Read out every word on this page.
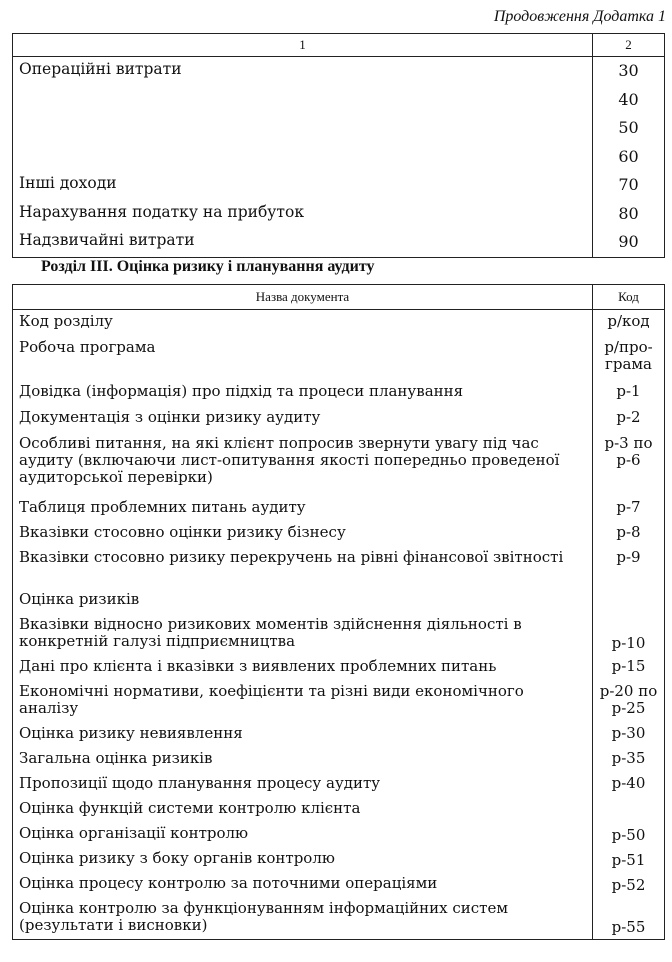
Продовження Додатка 1
1	2
Операційні витрати	30
	40
	50
	60
Інші доходи	70
Нарахування податку на прибуток	80
Надзвичайні витрати	90
Розділ III. Оцінка ризику і планування аудиту
Назва документа	Код
Код розділу	р/код
Робоча програма	р/про-грама
Довідка (інформація) про підхід та процеси планування	р-1
Документація з оцінки ризику аудиту	р-2
Особливі питання, на які клієнт попросив звернути увагу під час аудиту (включаючи лист-опитування якості попередньо проведеної аудиторської перевірки)	р-3 по р-6
Таблиця проблемних питань аудиту	р-7
Вказівки стосовно оцінки ризику бізнесу	р-8
Вказівки стосовно ризику перекручень на рівні фінансової звітності	р-9
Оцінка ризиків	
Вказівки відносно ризикових моментів здійснення діяльності в конкретній галузі підприємництва	р-10
Дані про клієнта і вказівки з виявлених проблемних питань	р-15
Економічні нормативи, коефіцієнти та різні види економічного аналізу	р-20 по р-25
Оцінка ризику невиявлення	р-30
Загальна оцінка ризиків	р-35
Пропозиції щодо планування процесу аудиту	р-40
Оцінка функцій системи контролю клієнта	
Оцінка організації контролю	р-50
Оцінка ризику з боку органів контролю	р-51
Оцінка процесу контролю за поточними операціями	р-52
Оцінка контролю за функціонуванням інформаційних систем (результати і висновки)	р-55
